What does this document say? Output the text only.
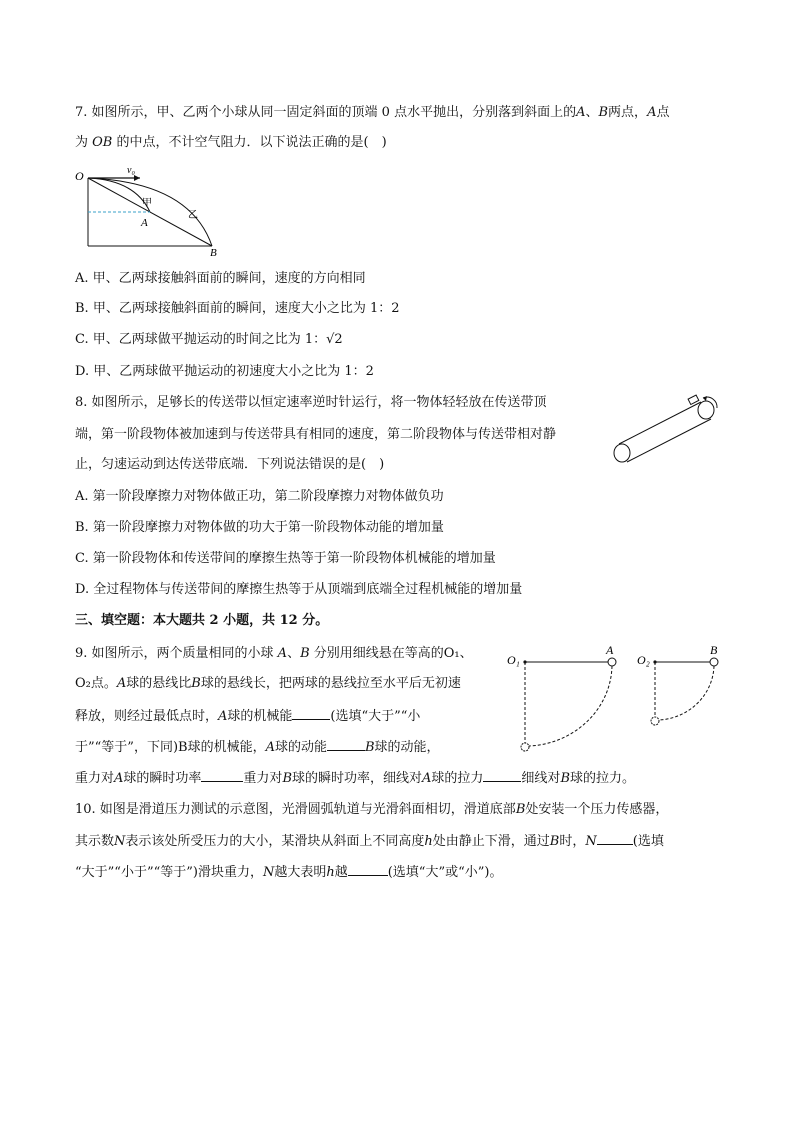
7. 如图所示，甲、乙两个小球从同一固定斜面的顶端 0 点水平抛出，分别落到斜面上的A、B两点，A点
为 OB 的中点，不计空气阻力．以下说法正确的是(　)
O	v₀
甲
A
乙
B
A. 甲、乙两球接触斜面前的瞬间，速度的方向相同
B. 甲、乙两球接触斜面前的瞬间，速度大小之比为 1：2
C. 甲、乙两球做平抛运动的时间之比为 1：√2
D. 甲、乙两球做平抛运动的初速度大小之比为 1：2
8. 如图所示，足够长的传送带以恒定速率逆时针运行，将一物体轻轻放在传送带顶
端，第一阶段物体被加速到与传送带具有相同的速度，第二阶段物体与传送带相对静
止，匀速运动到达传送带底端．下列说法错误的是(　)
A. 第一阶段摩擦力对物体做正功，第二阶段摩擦力对物体做负功
B. 第一阶段摩擦力对物体做的功大于第一阶段物体动能的增加量
C. 第一阶段物体和传送带间的摩擦生热等于第一阶段物体机械能的增加量
D. 全过程物体与传送带间的摩擦生热等于从顶端到底端全过程机械能的增加量
三、填空题：本大题共 2 小题，共 12 分。
9. 如图所示，两个质量相同的小球 A、B 分别用细线悬在等高的O₁、
O₂点。A球的悬线比B球的悬线长，把两球的悬线拉至水平后无初速
释放，则经过最低点时，A球的机械能	(选填“大于”“小
于”“等于”，下同)B球的机械能，A球的动能	B球的动能，
重力对A球的瞬时功率	重力对B球的瞬时功率，细线对A球的拉力	细线对B球的拉力。
O₁
A
O₂
B
10. 如图是滑道压力测试的示意图，光滑圆弧轨道与光滑斜面相切，滑道底部B处安装一个压力传感器，
其示数N表示该处所受压力的大小，某滑块从斜面上不同高度h处由静止下滑，通过B时，N	(选填
“大于”“小于”“等于”)滑块重力，N越大表明h越	(选填“大”或“小”)。
